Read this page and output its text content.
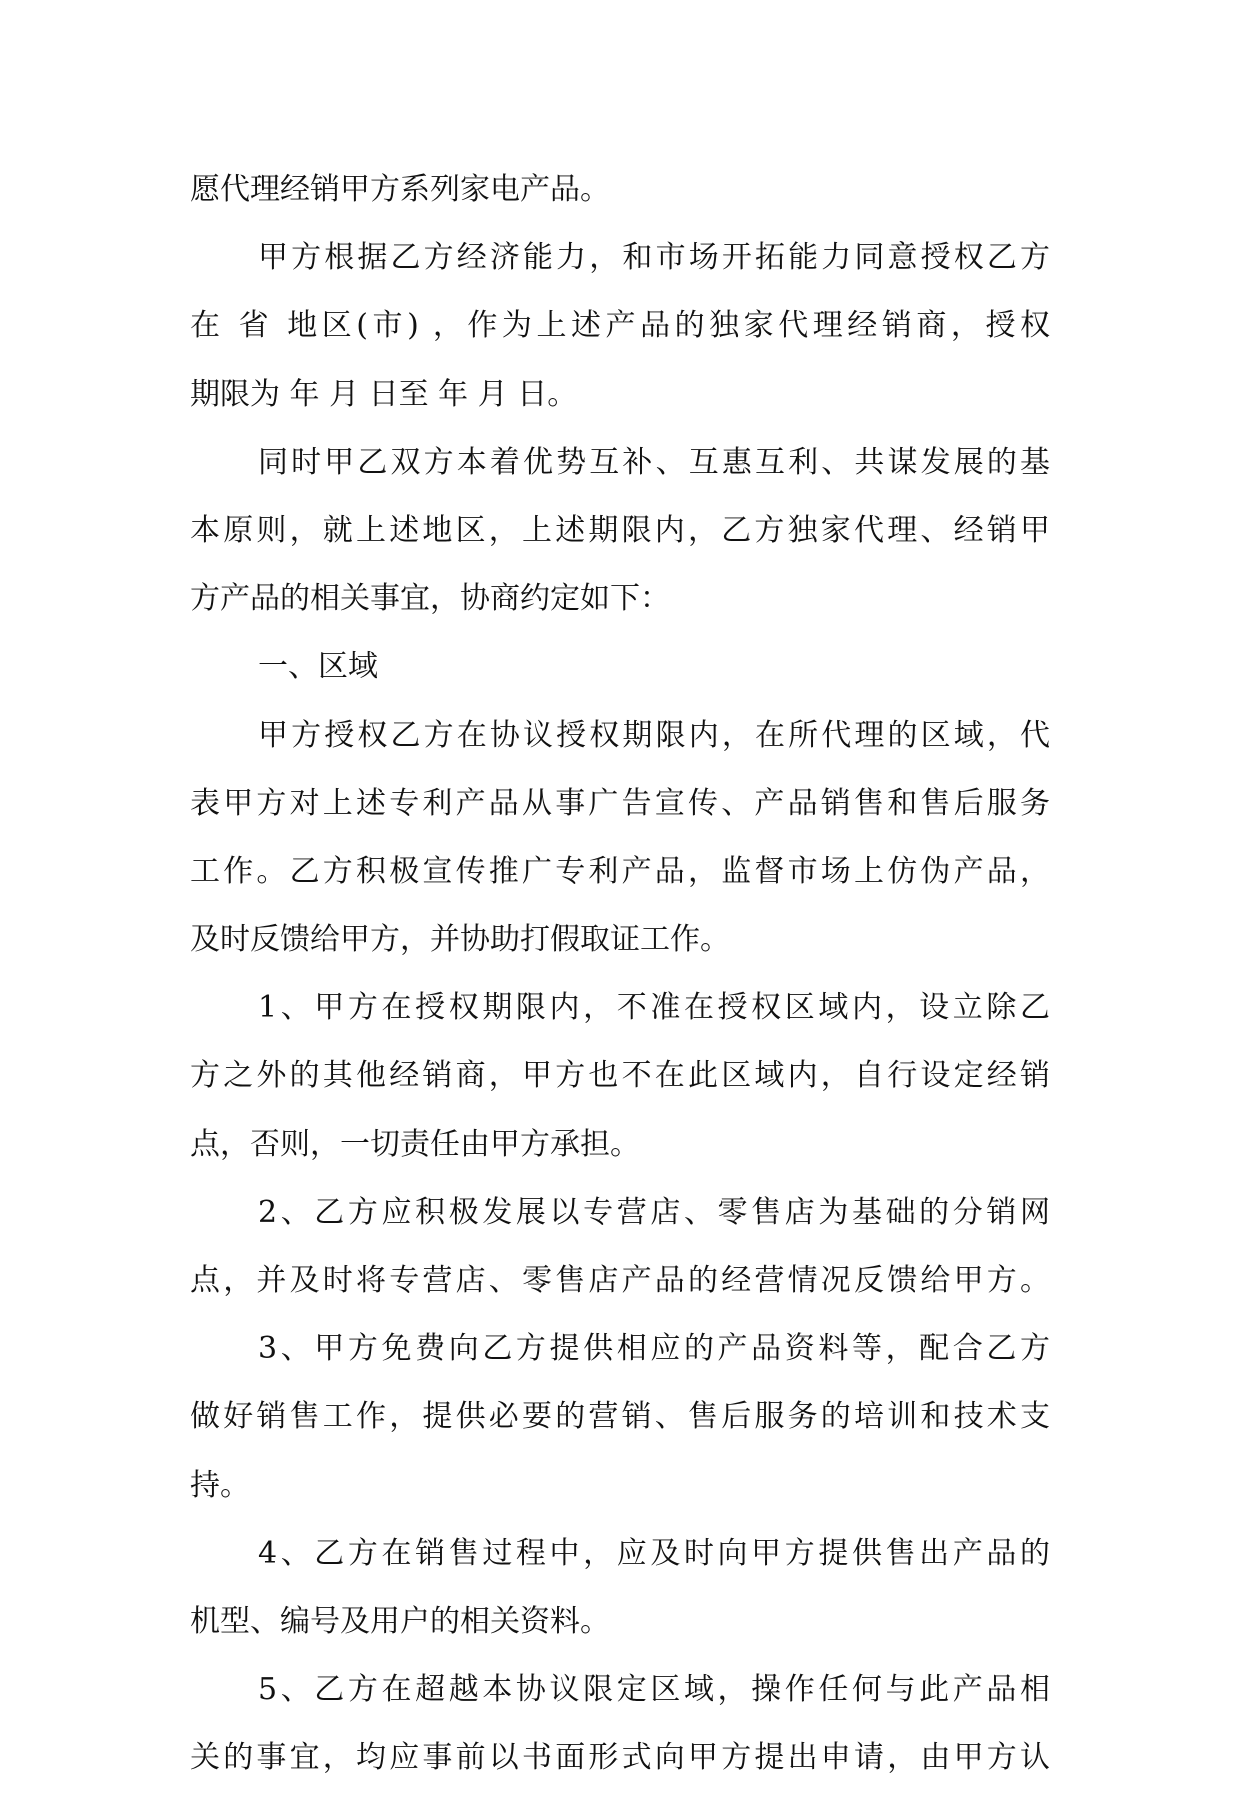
愿代理经销甲方系列家电产品。
甲方根据乙方经济能力，和市场开拓能力同意授权乙方
在 省 地区(市) ，作为上述产品的独家代理经销商，授权
期限为 年 月 日至 年 月 日。
同时甲乙双方本着优势互补、互惠互利、共谋发展的基
本原则，就上述地区，上述期限内，乙方独家代理、经销甲
方产品的相关事宜，协商约定如下：
一、区域
甲方授权乙方在协议授权期限内，在所代理的区域，代
表甲方对上述专利产品从事广告宣传、产品销售和售后服务
工作。乙方积极宣传推广专利产品，监督市场上仿伪产品，
及时反馈给甲方，并协助打假取证工作。
1、甲方在授权期限内，不准在授权区域内，设立除乙
方之外的其他经销商，甲方也不在此区域内，自行设定经销
点，否则，一切责任由甲方承担。
2、乙方应积极发展以专营店、零售店为基础的分销网
点，并及时将专营店、零售店产品的经营情况反馈给甲方。
3、甲方免费向乙方提供相应的产品资料等，配合乙方
做好销售工作，提供必要的营销、售后服务的培训和技术支
持。
4、乙方在销售过程中，应及时向甲方提供售出产品的
机型、编号及用户的相关资料。
5、乙方在超越本协议限定区域，操作任何与此产品相
关的事宜，均应事前以书面形式向甲方提出申请，由甲方认
